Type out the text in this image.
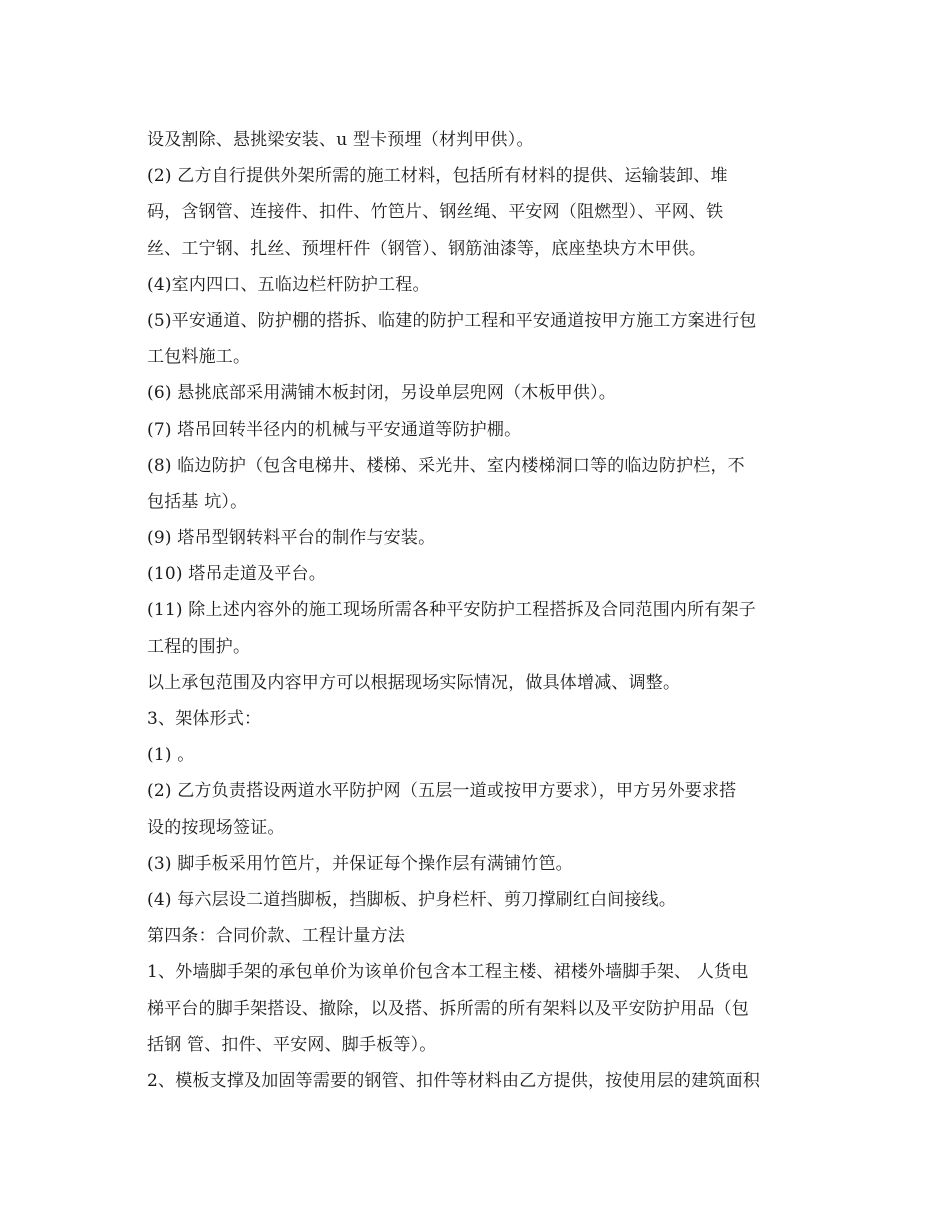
设及割除、悬挑梁安装、u 型卡预埋（材判甲供）。
(2) 乙方自行提供外架所需的施工材料，包括所有材料的提供、运输装卸、堆
码，含钢管、连接件、扣件、竹笆片、钢丝绳、平安网（阻燃型）、平网、铁
丝、工宁钢、扎丝、预埋杆件（钢管）、钢筋油漆等，底座垫块方木甲供。
(4)室内四口、五临边栏杆防护工程。
(5)平安通道、防护棚的搭拆、临建的防护工程和平安通道按甲方施工方案进行包
工包料施工。
(6) 悬挑底部采用满铺木板封闭，另设单层兜网（木板甲供）。
(7) 塔吊回转半径内的机械与平安通道等防护棚。
(8) 临边防护（包含电梯井、楼梯、采光井、室内楼梯洞口等的临边防护栏，不
包括基 坑）。
(9) 塔吊型钢转料平台的制作与安装。
(10) 塔吊走道及平台。
(11) 除上述内容外的施工现场所需各种平安防护工程搭拆及合同范围内所有架子
工程的围护。
以上承包范围及内容甲方可以根据现场实际情况，做具体增减、调整。
3、架体形式：
(1) 。
(2) 乙方负责搭设两道水平防护网（五层一道或按甲方要求），甲方另外要求搭
设的按现场签证。
(3) 脚手板采用竹笆片，并保证每个操作层有满铺竹笆。
(4) 每六层设二道挡脚板，挡脚板、护身栏杆、剪刀撑刷红白间接线。
第四条：合同价款、工程计量方法
1、外墙脚手架的承包单价为该单价包含本工程主楼、裙楼外墙脚手架、 人货电
梯平台的脚手架搭设、撤除，以及搭、拆所需的所有架料以及平安防护用品（包
括钢 管、扣件、平安网、脚手板等）。
2、模板支撑及加固等需要的钢管、扣件等材料由乙方提供，按使用层的建筑面积
